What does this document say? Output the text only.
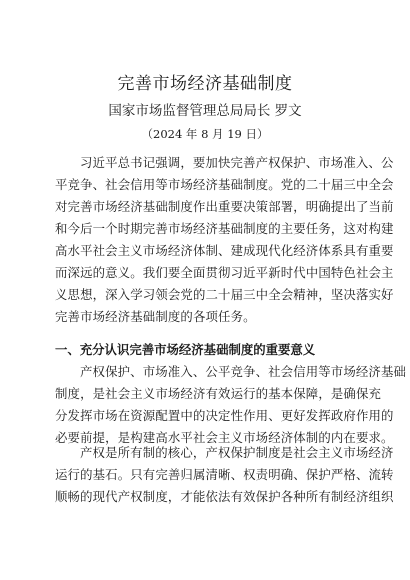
完善市场经济基础制度
国家市场监督管理总局局长 罗文
（2024 年 8 月 19 日）
习近平总书记强调，要加快完善产权保护、市场准入、公
平竞争、社会信用等市场经济基础制度。党的二十届三中全会
对完善市场经济基础制度作出重要决策部署，明确提出了当前
和今后一个时期完善市场经济基础制度的主要任务，这对构建
高水平社会主义市场经济体制、建成现代化经济体系具有重要
而深远的意义。我们要全面贯彻习近平新时代中国特色社会主
义思想，深入学习领会党的二十届三中全会精神，坚决落实好
完善市场经济基础制度的各项任务。
一、充分认识完善市场经济基础制度的重要意义
产权保护、市场准入、公平竞争、社会信用等市场经济基础
制度，是社会主义市场经济有效运行的基本保障，是确保充
分发挥市场在资源配置中的决定性作用、更好发挥政府作用的
必要前提，是构建高水平社会主义市场经济体制的内在要求。
产权是所有制的核心，产权保护制度是社会主义市场经济
运行的基石。只有完善归属清晰、权责明确、保护严格、流转
顺畅的现代产权制度，才能依法有效保护各种所有制经济组织
